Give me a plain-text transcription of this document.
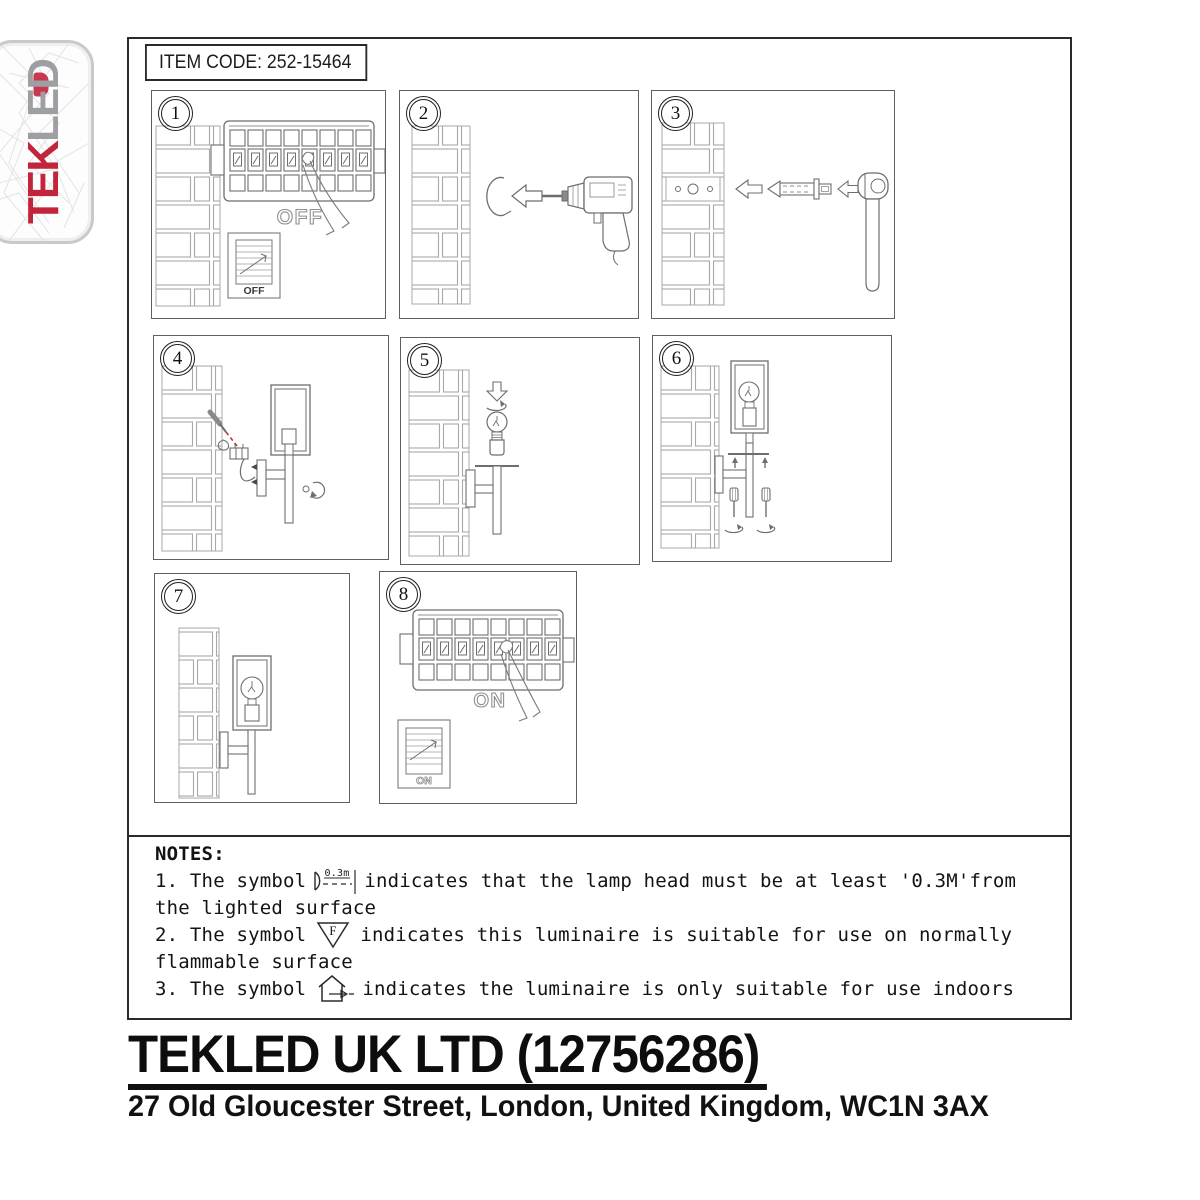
TEKLED	ITEM CODE: 252-15464
1
OFF
OFF
2	3
4	5	6
7	8
ON
ON
NOTES:
1. The symbol 0.3m indicates that the lamp head must be at least '0.3M'from
the lighted surface
2. The symbol F indicates this luminaire is suitable for use on normally
flammable surface
3. The symbol	indicates the luminaire is only suitable for use indoors
TEKLED UK LTD (12756286)
27 Old Gloucester Street, London, United Kingdom, WC1N 3AX
